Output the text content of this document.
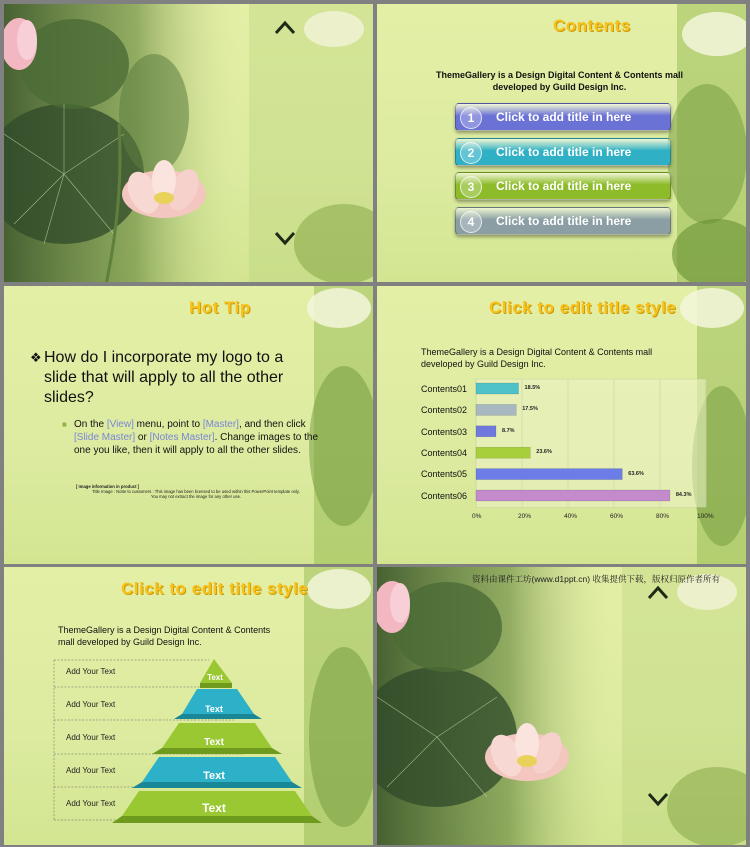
Contents
ThemeGallery is a Design Digital Content & Contents mall
developed by Guild Design Inc.
1	Click to add title in here
2	Click to add title in here
3	Click to add title in here
4	Click to add title in here
Hot Tip
❖ How do I incorporate my logo to a slide that will apply to all the other slides?
■ On the [View] menu, point to [Master], and then click [Slide Master] or [Notes Master]. Change images to the one you like, then it will apply to all the other slides.
[ Image information in product ]
Title Image : Notte to customers : This image has been licensed to be used within this PowerPoint template only.
You may not extract the image for any other use.
Click to edit title style
ThemeGallery is a Design Digital Content & Contents mall
developed by Guild Design Inc.
Contents01
Contents02
Contents03
Contents04
Contents05
Contents06
0%	20%	40%	60%	80%	100%
18.5%
17.5%
8.7%
23.6%
63.6%
84.3%
Click to edit title style
ThemeGallery is a Design Digital Content & Contents
mall developed by Guild Design Inc.
Add Your Text
Add Your Text
Add Your Text
Add Your Text
Add Your Text
Text
Text
Text
Text
Text
资料由课件工坊(www.d1ppt.cn) 收集提供下载，版权归原作者所有
